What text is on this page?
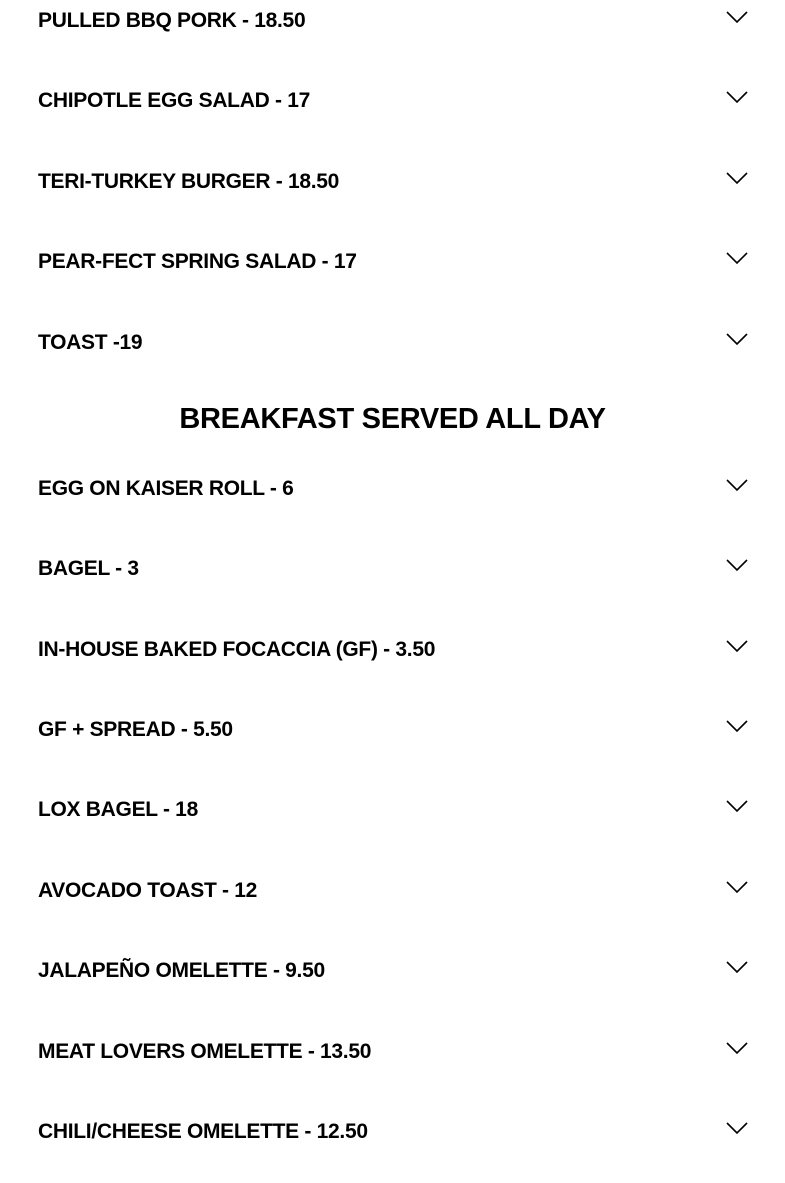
PULLED BBQ PORK - 18.50
CHIPOTLE EGG SALAD - 17
TERI-TURKEY BURGER - 18.50
PEAR-FECT SPRING SALAD - 17
TOAST -19
BREAKFAST SERVED ALL DAY
EGG ON KAISER ROLL - 6
BAGEL - 3
IN-HOUSE BAKED FOCACCIA (GF) - 3.50
GF + SPREAD - 5.50
LOX BAGEL - 18
AVOCADO TOAST - 12
JALAPEÑO OMELETTE - 9.50
MEAT LOVERS OMELETTE - 13.50
CHILI/CHEESE OMELETTE - 12.50
